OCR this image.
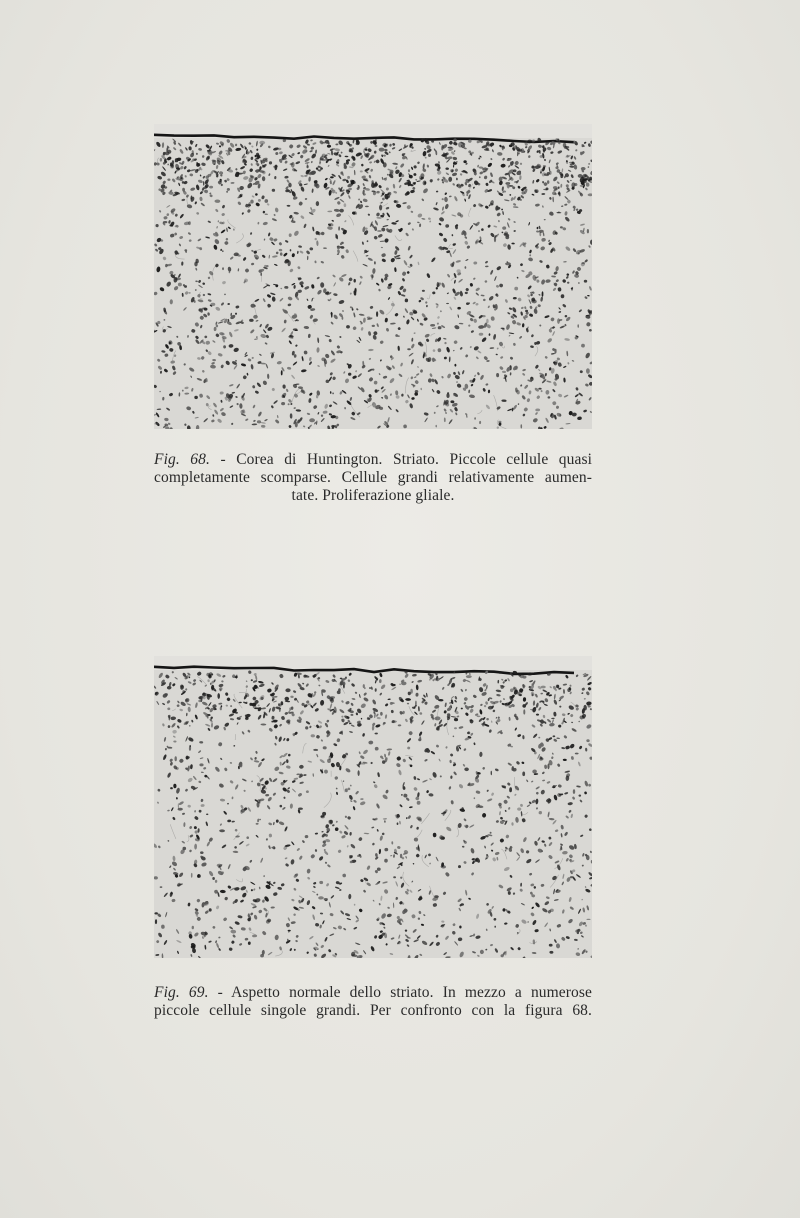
Fig. 68. - Corea di Huntington. Striato. Piccole cellule quasi
completamente scomparse. Cellule grandi relativamente aumen-
tate. Proliferazione gliale.
Fig. 69. - Aspetto normale dello striato. In mezzo a numerose
piccole cellule singole grandi. Per confronto con la figura 68.
